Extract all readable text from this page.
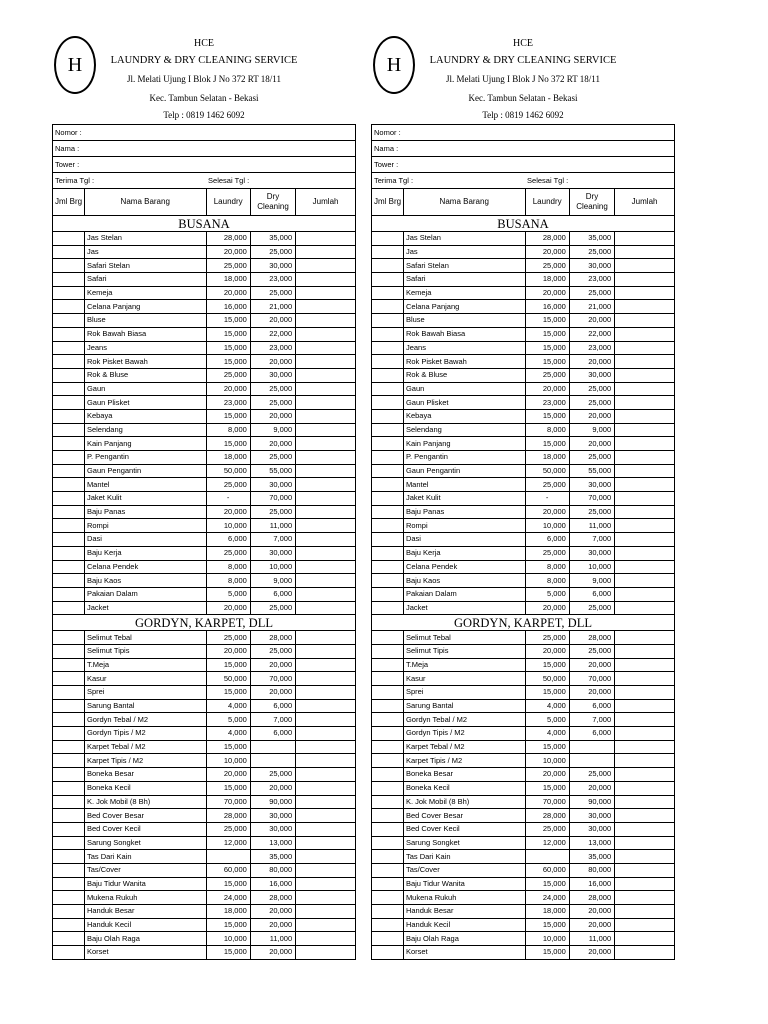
H
HCE
LAUNDRY & DRY CLEANING SERVICE
Jl. Melati Ujung I Blok J No 372 RT 18/11
Kec. Tambun Selatan - Bekasi
Telp : 0819 1462 6092
Nomor :				
Nama :				
Tower :				
Terima Tgl :		Selesai Tgl :		
Jml Brg	Nama Barang	Laundry	Dry Cleaning	Jumlah
BUSANA				
	Jas Stelan	28,000	35,000	
	Jas	20,000	25,000	
	Safari Stelan	25,000	30,000	
	Safari	18,000	23,000	
	Kemeja	20,000	25,000	
	Celana Panjang	16,000	21,000	
	Bluse	15,000	20,000	
	Rok Bawah Biasa	15,000	22,000	
	Jeans	15,000	23,000	
	Rok Pisket Bawah	15,000	20,000	
	Rok & Bluse	25,000	30,000	
	Gaun	20,000	25,000	
	Gaun Plisket	23,000	25,000	
	Kebaya	15,000	20,000	
	Selendang	8,000	9,000	
	Kain Panjang	15,000	20,000	
	P. Pengantin	18,000	25,000	
	Gaun Pengantin	50,000	55,000	
	Mantel	25,000	30,000	
	Jaket Kulit	-	70,000	
	Baju Panas	20,000	25,000	
	Rompi	10,000	11,000	
	Dasi	6,000	7,000	
	Baju Kerja	25,000	30,000	
	Celana Pendek	8,000	10,000	
	Baju Kaos	8,000	9,000	
	Pakaian Dalam	5,000	6,000	
	Jacket	20,000	25,000	
GORDYN, KARPET, DLL				
	Selimut Tebal	25,000	28,000	
	Selimut Tipis	20,000	25,000	
	T.Meja	15,000	20,000	
	Kasur	50,000	70,000	
	Sprei	15,000	20,000	
	Sarung Bantal	4,000	6,000	
	Gordyn Tebal / M2	5,000	7,000	
	Gordyn Tipis / M2	4,000	6,000	
	Karpet Tebal / M2	15,000		
	Karpet Tipis / M2	10,000		
	Boneka Besar	20,000	25,000	
	Boneka Kecil	15,000	20,000	
	K. Jok Mobil (8 Bh)	70,000	90,000	
	Bed Cover Besar	28,000	30,000	
	Bed Cover Kecil	25,000	30,000	
	Sarung Songket	12,000	13,000	
	Tas Dari Kain		35,000	
	Tas/Cover	60,000	80,000	
	Baju Tidur Wanita	15,000	16,000	
	Mukena Rukuh	24,000	28,000	
	Handuk Besar	18,000	20,000	
	Handuk Kecil	15,000	20,000	
	Baju Olah Raga	10,000	11,000	
	Korset	15,000	20,000	
H
HCE
LAUNDRY & DRY CLEANING SERVICE
Jl. Melati Ujung I Blok J No 372 RT 18/11
Kec. Tambun Selatan - Bekasi
Telp : 0819 1462 6092
Nomor :				
Nama :				
Tower :				
Terima Tgl :		Selesai Tgl :		
Jml Brg	Nama Barang	Laundry	Dry Cleaning	Jumlah
BUSANA				
	Jas Stelan	28,000	35,000	
	Jas	20,000	25,000	
	Safari Stelan	25,000	30,000	
	Safari	18,000	23,000	
	Kemeja	20,000	25,000	
	Celana Panjang	16,000	21,000	
	Bluse	15,000	20,000	
	Rok Bawah Biasa	15,000	22,000	
	Jeans	15,000	23,000	
	Rok Pisket Bawah	15,000	20,000	
	Rok & Bluse	25,000	30,000	
	Gaun	20,000	25,000	
	Gaun Plisket	23,000	25,000	
	Kebaya	15,000	20,000	
	Selendang	8,000	9,000	
	Kain Panjang	15,000	20,000	
	P. Pengantin	18,000	25,000	
	Gaun Pengantin	50,000	55,000	
	Mantel	25,000	30,000	
	Jaket Kulit	-	70,000	
	Baju Panas	20,000	25,000	
	Rompi	10,000	11,000	
	Dasi	6,000	7,000	
	Baju Kerja	25,000	30,000	
	Celana Pendek	8,000	10,000	
	Baju Kaos	8,000	9,000	
	Pakaian Dalam	5,000	6,000	
	Jacket	20,000	25,000	
GORDYN, KARPET, DLL				
	Selimut Tebal	25,000	28,000	
	Selimut Tipis	20,000	25,000	
	T.Meja	15,000	20,000	
	Kasur	50,000	70,000	
	Sprei	15,000	20,000	
	Sarung Bantal	4,000	6,000	
	Gordyn Tebal / M2	5,000	7,000	
	Gordyn Tipis / M2	4,000	6,000	
	Karpet Tebal / M2	15,000		
	Karpet Tipis / M2	10,000		
	Boneka Besar	20,000	25,000	
	Boneka Kecil	15,000	20,000	
	K. Jok Mobil (8 Bh)	70,000	90,000	
	Bed Cover Besar	28,000	30,000	
	Bed Cover Kecil	25,000	30,000	
	Sarung Songket	12,000	13,000	
	Tas Dari Kain		35,000	
	Tas/Cover	60,000	80,000	
	Baju Tidur Wanita	15,000	16,000	
	Mukena Rukuh	24,000	28,000	
	Handuk Besar	18,000	20,000	
	Handuk Kecil	15,000	20,000	
	Baju Olah Raga	10,000	11,000	
	Korset	15,000	20,000	
